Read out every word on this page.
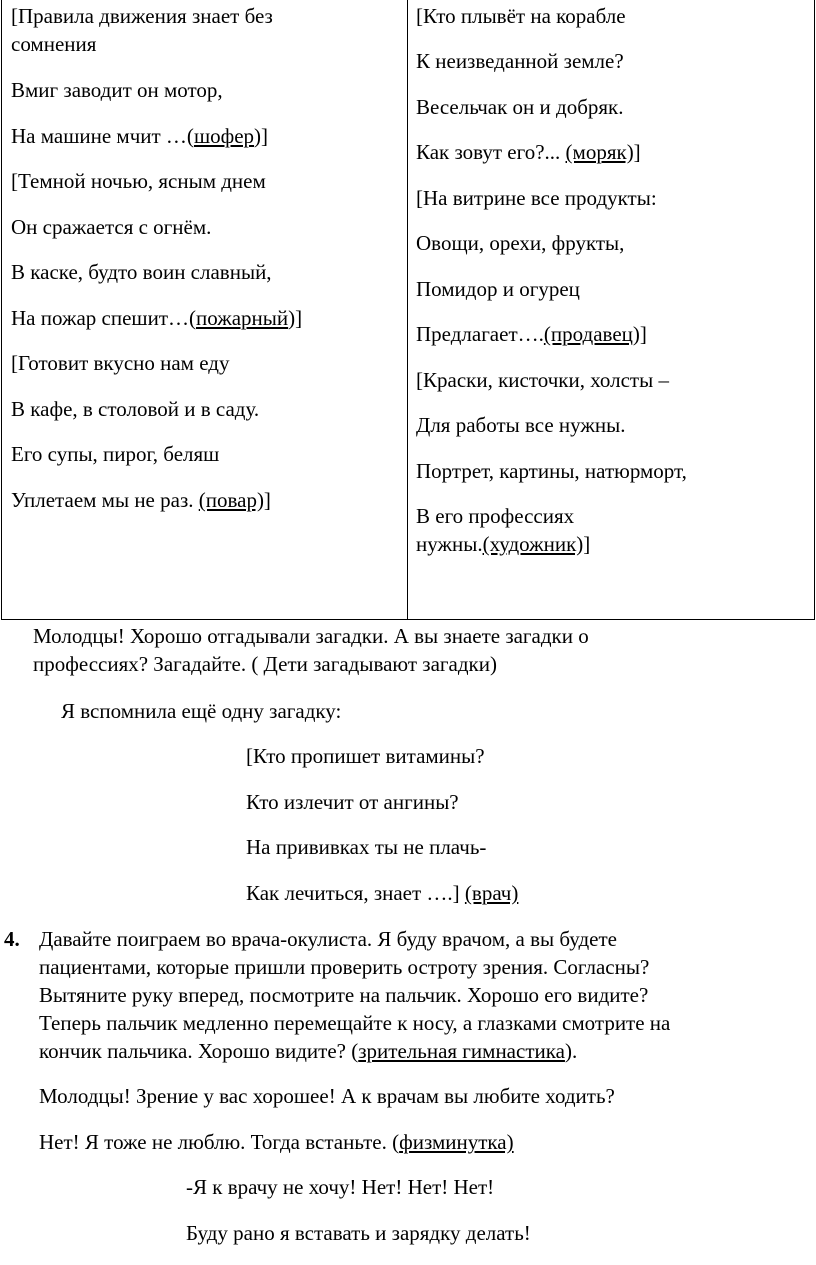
[Правила движения знает без
сомнения
Вмиг заводит он мотор,
На машине мчит …(шофер)]
[Темной ночью, ясным днем
Он сражается с огнём.
В каске, будто воин славный,
На пожар спешит…(пожарный)]
[Готовит вкусно нам еду
В кафе, в столовой и в саду.
Его супы, пирог, беляш
Уплетаем мы не раз. (повар)]
[Кто плывёт на корабле
К неизведанной земле?
Весельчак он и добряк.
Как зовут его?... (моряк)]
[На витрине все продукты:
Овощи, орехи, фрукты,
Помидор и огурец
Предлагает….(продавец)]
[Краски, кисточки, холсты –
Для работы все нужны.
Портрет, картины, натюрморт,
В его профессиях
нужны.(художник)]
Молодцы! Хорошо отгадывали загадки. А вы знаете загадки о
профессиях? Загадайте. ( Дети загадывают загадки)
Я вспомнила ещё одну загадку:
[Кто пропишет витамины?
Кто излечит от ангины?
На прививках ты не плачь-
Как лечиться, знает ….] (врач)
4. Давайте поиграем во врача-окулиста. Я буду врачом, а вы будете
пациентами, которые пришли проверить остроту зрения. Согласны?
Вытяните руку вперед, посмотрите на пальчик. Хорошо его видите?
Теперь пальчик медленно перемещайте к носу, а глазками смотрите на
кончик пальчика. Хорошо видите? (зрительная гимнастика).
Молодцы! Зрение у вас хорошее! А к врачам вы любите ходить?
Нет! Я тоже не люблю. Тогда встаньте. (физминутка)
-Я к врачу не хочу! Нет! Нет! Нет!
Буду рано я вставать и зарядку делать!
